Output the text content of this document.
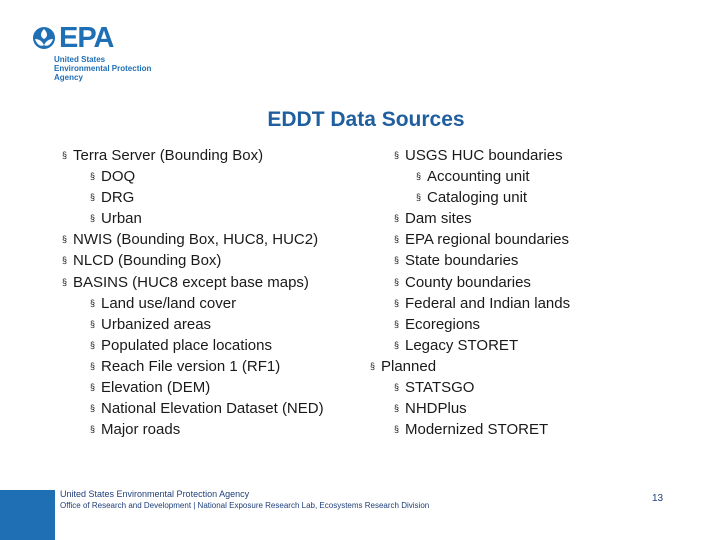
EPA
United States
Environmental Protection
Agency
EDDT Data Sources
§ Terra Server (Bounding Box)
§ DOQ
§ DRG
§ Urban
§ NWIS (Bounding Box, HUC8, HUC2)
§ NLCD (Bounding Box)
§ BASINS (HUC8 except base maps)
§ Land use/land cover
§ Urbanized areas
§ Populated place locations
§ Reach File version 1 (RF1)
§ Elevation (DEM)
§ National Elevation Dataset (NED)
§ Major roads
§ USGS HUC boundaries
§ Accounting unit
§ Cataloging unit
§ Dam sites
§ EPA regional boundaries
§ State boundaries
§ County boundaries
§ Federal and Indian lands
§ Ecoregions
§ Legacy STORET
§ Planned
§ STATSGO
§ NHDPlus
§ Modernized STORET
United States Environmental Protection Agency
Office of Research and Development | National Exposure Research Lab, Ecosystems Research Division
13
